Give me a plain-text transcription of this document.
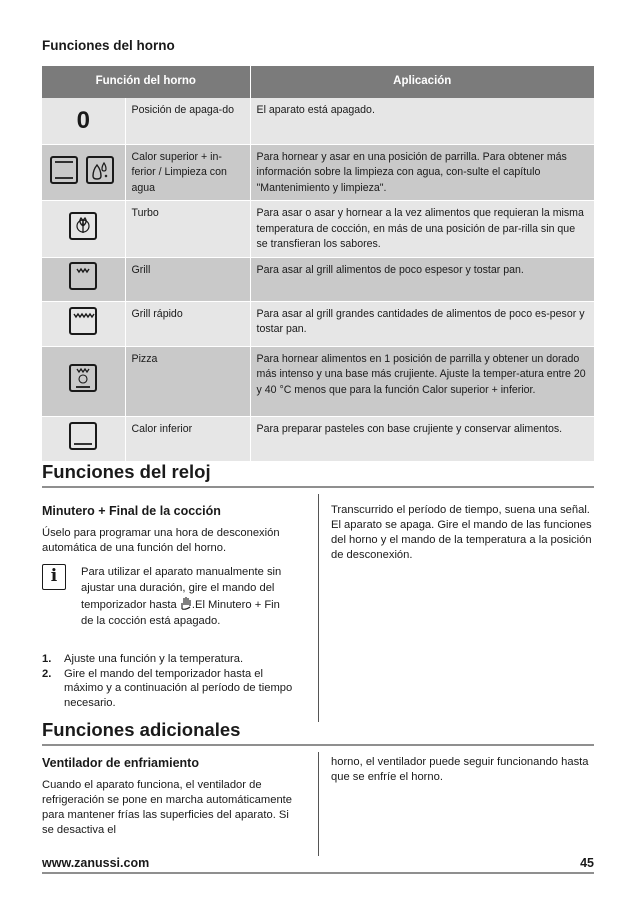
Funciones del horno
Función del horno		Aplicación
0	Posición de apaga-do	El aparato está apagado.
	Calor superior + in-ferior / Limpieza con agua	Para hornear y asar en una posición de parrilla. Para obtener más información sobre la limpieza con agua, con-sulte el capítulo "Mantenimiento y limpieza".
	Turbo	Para asar o asar y hornear a la vez alimentos que requieran la misma temperatura de cocción, en más de una posición de par-rilla sin que se transfieran los sabores.
	Grill	Para asar al grill alimentos de poco espesor y tostar pan.
	Grill rápido	Para asar al grill grandes cantidades de alimentos de poco es-pesor y tostar pan.
	Pizza	Para hornear alimentos en 1 posición de parrilla y obtener un dorado más intenso y una base más crujiente. Ajuste la temper-atura entre 20 y 40 °C menos que para la función Calor superior + inferior.
	Calor inferior	Para preparar pasteles con base crujiente y conservar alimentos.
Funciones del reloj
Minutero + Final de la cocción
Úselo para programar una hora de desconexión automática de una función del horno.
i	Para utilizar el aparato manualmente sin ajustar una duración, gire el mando del temporizador hasta .El Minutero + Fin de la cocción está apagado.
1.	Ajuste una función y la temperatura.
2.	Gire el mando del temporizador hasta el máximo y a continuación al período de tiempo necesario.
Transcurrido el período de tiempo, suena una señal. El aparato se apaga. Gire el mando de las funciones del horno y el mando de la temperatura a la posición de desconexión.
Funciones adicionales
Ventilador de enfriamiento
Cuando el aparato funciona, el ventilador de refrigeración se pone en marcha automáticamente para mantener frías las superficies del aparato. Si se desactiva el
horno, el ventilador puede seguir funcionando hasta que se enfríe el horno.
www.zanussi.com	45
